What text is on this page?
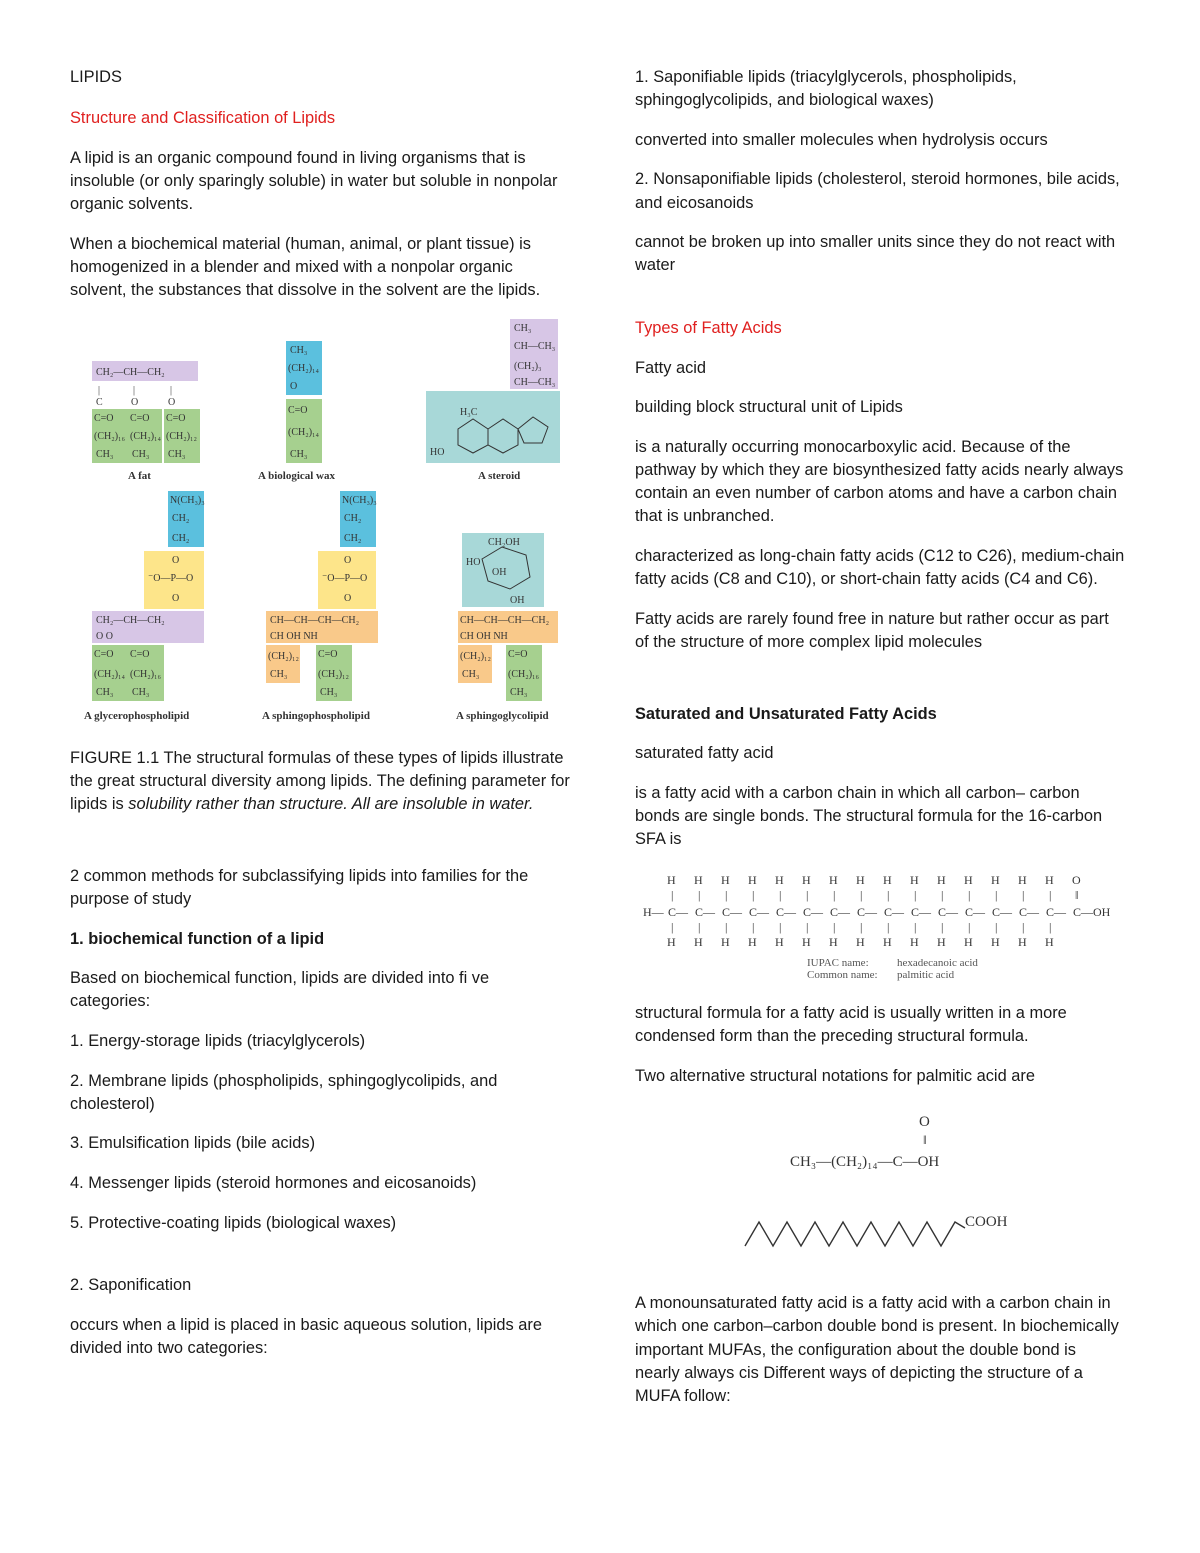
LIPIDS

Structure and Classification of Lipids

A lipid is an organic compound found in living organisms that is insoluble (or only sparingly soluble) in water but soluble in nonpolar organic solvents.

When a biochemical material (human, animal, or plant tissue) is homogenized in a blender and mixed with a nonpolar organic solvent, the substances that dissolve in the solvent are the lipids.

CH₂—CH—CH₂
|	|	|
C	O	O
C=O C=O C=O
(CH₂)₁₆ (CH₂)₁₄ (CH₂)₁₂
CH₃ CH₃ CH₃
A fat
CH₃
(CH₂)₁₄
O
C=O
(CH₂)₁₄
CH₃
A biological wax
CH₃
CH—CH₃
(CH₂)₃
CH—CH₃
HO
H₃C
A steroid
N(CH₃)₃
CH₂
CH₂
O
⁻O—P—O
O
CH₂—CH—CH₂
O O
C=O C=O
(CH₂)₁₄ (CH₂)₁₆
CH₃ CH₃
A glycerophospholipid
N(CH₃)₃
CH₂
CH₂
O
⁻O—P—O
O
CH—CH—CH—CH₂
CH OH NH
(CH₂)₁₂
CH₃
C=O
(CH₂)₁₂
CH₃
A sphingophospholipid
CH₂OH
HO
OH
OH
CH—CH—CH—CH₂
CH OH NH
(CH₂)₁₂
CH₃
C=O
(CH₂)₁₆
CH₃
A sphingoglycolipid

FIGURE 1.1 The structural formulas of these types of lipids illustrate the great structural diversity among lipids. The defining parameter for lipids is solubility rather than structure. All are insoluble in water.

2 common methods for subclassifying lipids into families for the purpose of study

1. biochemical function of a lipid

Based on biochemical function, lipids are divided into fi ve categories:

1. Energy-storage lipids (triacylglycerols)

2. Membrane lipids (phospholipids, sphingoglycolipids, and cholesterol)

3. Emulsification lipids (bile acids)

4. Messenger lipids (steroid hormones and eicosanoids)

5. Protective-coating lipids (biological waxes)

2. Saponification

occurs when a lipid is placed in basic aqueous solution, lipids are divided into two categories:

1. Saponifiable lipids (triacylglycerols, phospholipids, sphingoglycolipids, and biological waxes)

converted into smaller molecules when hydrolysis occurs

2. Nonsaponifiable lipids (cholesterol, steroid hormones, bile acids, and eicosanoids

cannot be broken up into smaller units since they do not react with water

Types of Fatty Acids

Fatty acid

building block structural unit of Lipids

is a naturally occurring monocarboxylic acid. Because of the pathway by which they are biosynthesized fatty acids nearly always contain an even number of carbon atoms and have a carbon chain that is unbranched.

characterized as long-chain fatty acids (C12 to C26), medium-chain fatty acids (C8 and C10), or short-chain fatty acids (C4 and C6).

Fatty acids are rarely found free in nature but rather occur as part of the structure of more complex lipid molecules

Saturated and Unsaturated Fatty Acids

saturated fatty acid

is a fatty acid with a carbon chain in which all carbon– carbon bonds are single bonds. The structural formula for the 16-carbon SFA is

H—
H
|
C—
|
H
H
|
C—
|
H
H
|
C—
|
H
H
|
C—
|
H
H
|
C—
|
H
H
|
C—
|
H
H
|
C—
|
H
H
|
C—
|
H
H
|
C—
|
H
H
|
C—
|
H
H
|
C—
|
H
H
|
C—
|
H
H
|
C—
|
H
H
|
C—
|
H
H
|
C—
|
H
O
‖
C—OH
IUPAC name:	hexadecanoic acid
Common name: palmitic acid

structural formula for a fatty acid is usually written in a more condensed form than the preceding structural formula.

Two alternative structural notations for palmitic acid are

O
‖
CH₃—(CH₂)₁₄—C—OH
COOH

A monounsaturated fatty acid is a fatty acid with a carbon chain in which one carbon–carbon double bond is present. In biochemically important MUFAs, the configuration about the double bond is nearly always cis Different ways of depicting the structure of a MUFA follow:
